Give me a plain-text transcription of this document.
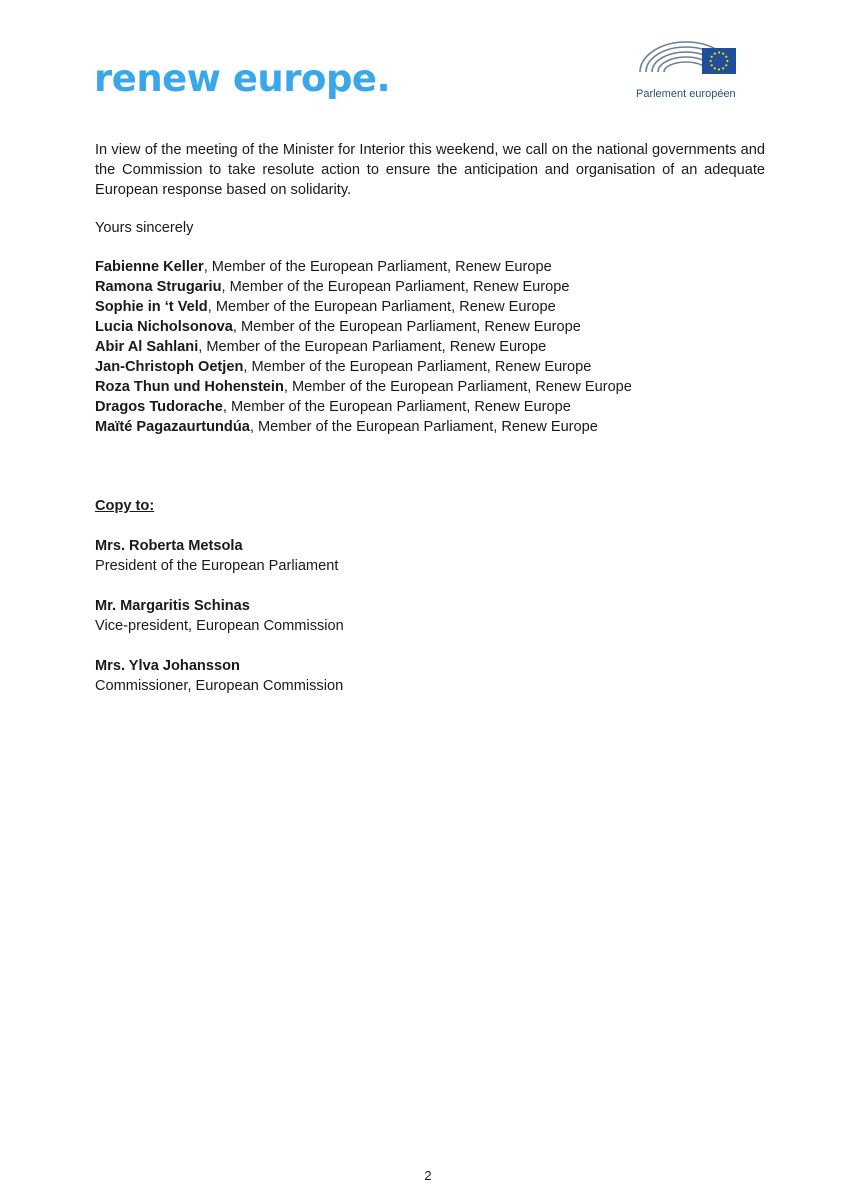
renew europe.	Parlement européen
In view of the meeting of the Minister for Interior this weekend, we call on the national governments and the Commission to take resolute action to ensure the anticipation and organisation of an adequate European response based on solidarity.
Yours sincerely
Fabienne Keller, Member of the European Parliament, Renew Europe
Ramona Strugariu, Member of the European Parliament, Renew Europe
Sophie in ‘t Veld, Member of the European Parliament, Renew Europe
Lucia Nicholsonova, Member of the European Parliament, Renew Europe
Abir Al Sahlani, Member of the European Parliament, Renew Europe
Jan-Christoph Oetjen, Member of the European Parliament, Renew Europe
Roza Thun und Hohenstein, Member of the European Parliament, Renew Europe
Dragos Tudorache, Member of the European Parliament, Renew Europe
Maïté Pagazaurtundúa, Member of the European Parliament, Renew Europe
Copy to:
Mrs. Roberta Metsola
President of the European Parliament
Mr. Margaritis Schinas
Vice-president, European Commission
Mrs. Ylva Johansson
Commissioner, European Commission
2
